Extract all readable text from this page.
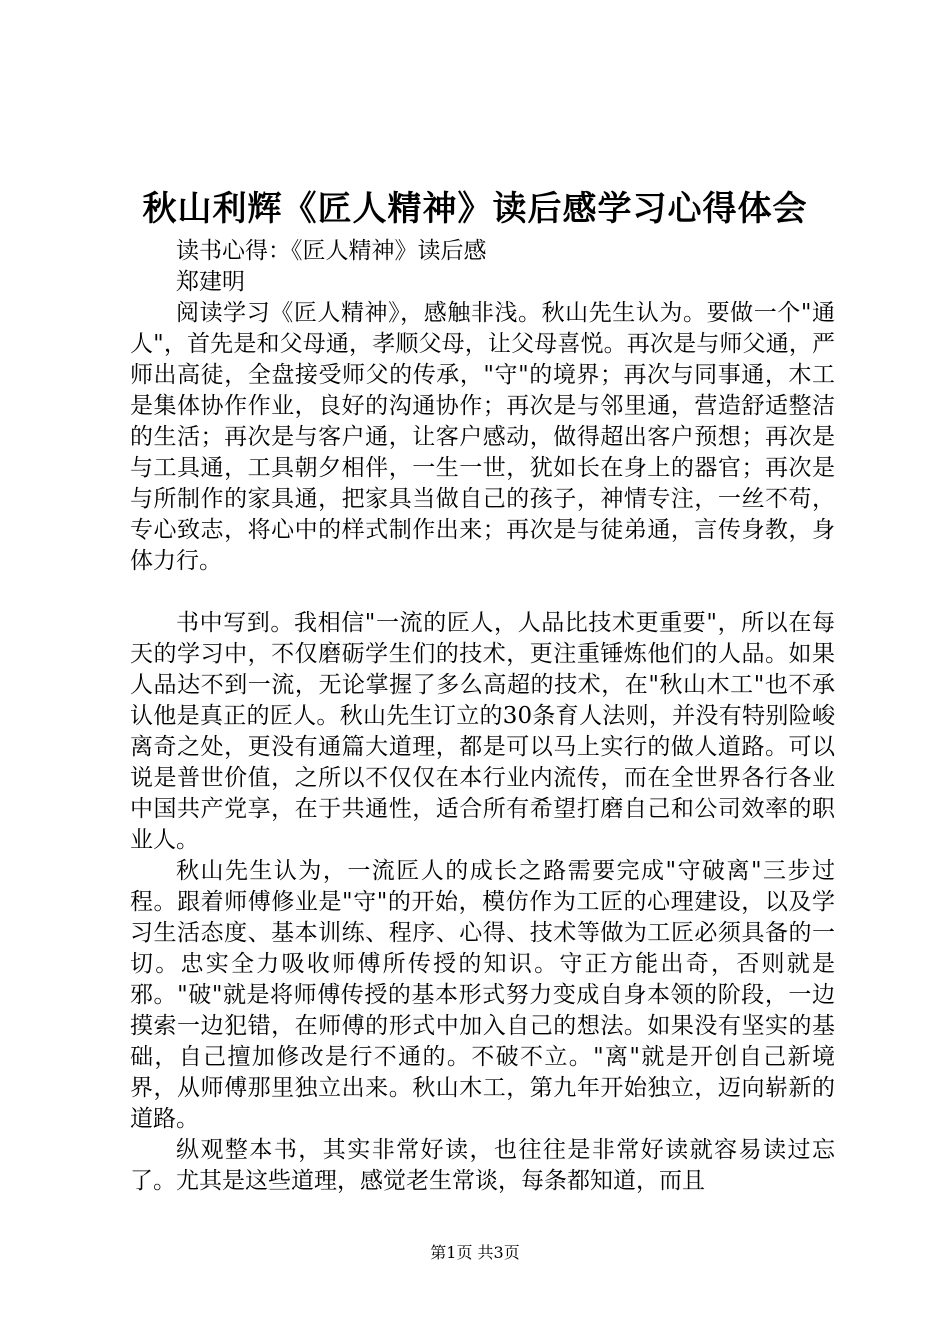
秋山利辉《匠人精神》读后感学习心得体会

读书心得：《匠人精神》读后感

郑建明

阅读学习《匠人精神》，感触非浅。秋山先生认为。要做一个"通人"，首先是和父母通，孝顺父母，让父母喜悦。再次是与师父通，严师出高徒，全盘接受师父的传承，"守"的境界；再次与同事通，木工是集体协作作业，良好的沟通协作；再次是与邻里通，营造舒适整洁的生活；再次是与客户通，让客户感动，做得超出客户预想；再次是与工具通，工具朝夕相伴，一生一世，犹如长在身上的器官；再次是与所制作的家具通，把家具当做自己的孩子，神情专注，一丝不苟，专心致志，将心中的样式制作出来；再次是与徒弟通，言传身教，身体力行。

书中写到。我相信"一流的匠人，人品比技术更重要"，所以在每天的学习中，不仅磨砺学生们的技术，更注重锤炼他们的人品。如果人品达不到一流，无论掌握了多么高超的技术，在"秋山木工"也不承认他是真正的匠人。秋山先生订立的30条育人法则，并没有特别险峻离奇之处，更没有通篇大道理，都是可以马上实行的做人道路。可以说是普世价值，之所以不仅仅在本行业内流传，而在全世界各行各业中国共产党享，在于共通性，适合所有希望打磨自己和公司效率的职业人。

秋山先生认为，一流匠人的成长之路需要完成"守破离"三步过程。跟着师傅修业是"守"的开始，模仿作为工匠的心理建设，以及学习生活态度、基本训练、程序、心得、技术等做为工匠必须具备的一切。忠实全力吸收师傅所传授的知识。守正方能出奇，否则就是邪。"破"就是将师傅传授的基本形式努力变成自身本领的阶段，一边摸索一边犯错，在师傅的形式中加入自己的想法。如果没有坚实的基础，自己擅加修改是行不通的。不破不立。"离"就是开创自己新境界，从师傅那里独立出来。秋山木工，第九年开始独立，迈向崭新的道路。

纵观整本书，其实非常好读，也往往是非常好读就容易读过忘了。尤其是这些道理，感觉老生常谈，每条都知道，而且

第1页 共3页
